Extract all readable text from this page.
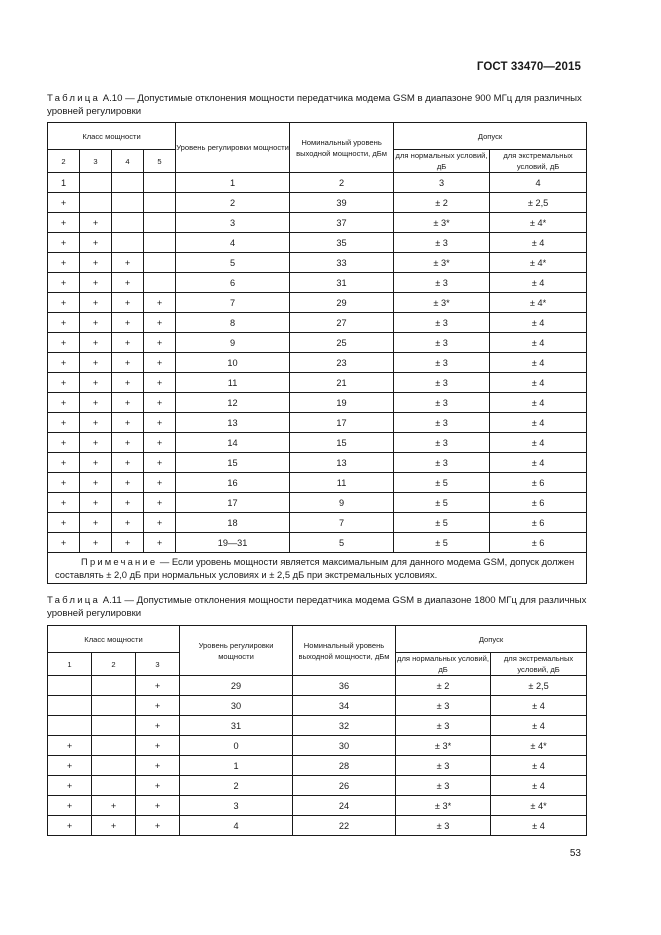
ГОСТ 33470—2015
Таблица А.10 — Допустимые отклонения мощности передатчика модема GSM в диапазоне 900 МГц для различных уровней регулировки
Класс мощности				Уровень регулировки мощности	Номинальный уровень выходной мощности, дБм	Допуск	
2	3	4	5			для нормальных условий, дБ	для экстремальных условий, дБ
1				1	2	3	4
+				2	39	± 2	± 2,5
+	+			3	37	± 3*	± 4*
+	+			4	35	± 3	± 4
+	+	+		5	33	± 3*	± 4*
+	+	+		6	31	± 3	± 4
+	+	+	+	7	29	± 3*	± 4*
+	+	+	+	8	27	± 3	± 4
+	+	+	+	9	25	± 3	± 4
+	+	+	+	10	23	± 3	± 4
+	+	+	+	11	21	± 3	± 4
+	+	+	+	12	19	± 3	± 4
+	+	+	+	13	17	± 3	± 4
+	+	+	+	14	15	± 3	± 4
+	+	+	+	15	13	± 3	± 4
+	+	+	+	16	11	± 5	± 6
+	+	+	+	17	9	± 5	± 6
+	+	+	+	18	7	± 5	± 6
+	+	+	+	19—31	5	± 5	± 6
Примечание — Если уровень мощности является максимальным для данного модема GSM, допуск должен составлять ± 2,0 дБ при нормальных условиях и ± 2,5 дБ при экстремальных условиях.							
Таблица А.11 — Допустимые отклонения мощности передатчика модема GSM в диапазоне 1800 МГц для различных уровней регулировки
Класс мощности			Уровень регулировки мощности	Номинальный уровень выходной мощности, дБм	Допуск	
1	2	3			для нормальных условий, дБ	для экстремальных условий, дБ
		+	29	36	± 2	± 2,5
		+	30	34	± 3	± 4
		+	31	32	± 3	± 4
+		+	0	30	± 3*	± 4*
+		+	1	28	± 3	± 4
+		+	2	26	± 3	± 4
+	+	+	3	24	± 3*	± 4*
+	+	+	4	22	± 3	± 4
53
